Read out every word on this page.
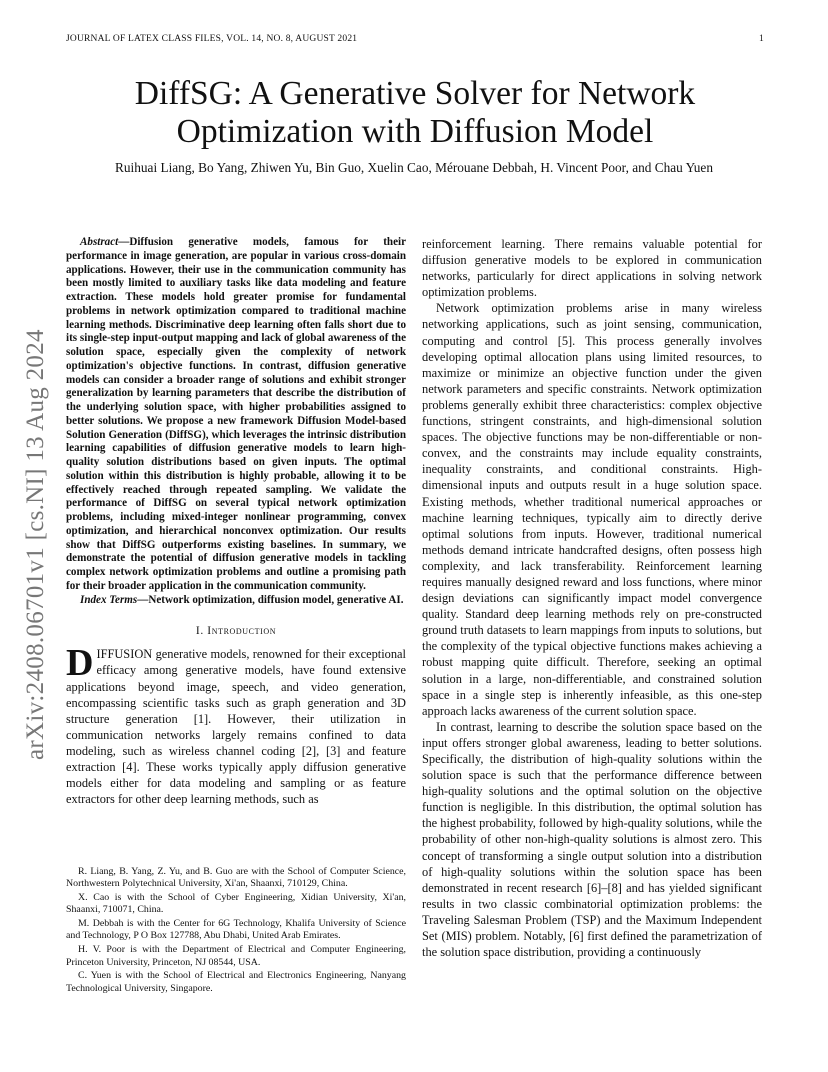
JOURNAL OF LATEX CLASS FILES, VOL. 14, NO. 8, AUGUST 2021	1
arXiv:2408.06701v1 [cs.NI] 13 Aug 2024
DiffSG: A Generative Solver for Network
Optimization with Diffusion Model
Ruihuai Liang, Bo Yang, Zhiwen Yu, Bin Guo, Xuelin Cao, Mérouane Debbah, H. Vincent Poor, and Chau Yuen

Abstract—Diffusion generative models, famous for their performance in image generation, are popular in various cross-domain applications. However, their use in the communication community has been mostly limited to auxiliary tasks like data modeling and feature extraction. These models hold greater promise for fundamental problems in network optimization compared to traditional machine learning methods. Discriminative deep learning often falls short due to its single-step input-output mapping and lack of global awareness of the solution space, especially given the complexity of network optimization's objective functions. In contrast, diffusion generative models can consider a broader range of solutions and exhibit stronger generalization by learning parameters that describe the distribution of the underlying solution space, with higher probabilities assigned to better solutions. We propose a new framework Diffusion Model-based Solution Generation (DiffSG), which leverages the intrinsic distribution learning capabilities of diffusion generative models to learn high-quality solution distributions based on given inputs. The optimal solution within this distribution is highly probable, allowing it to be effectively reached through repeated sampling. We validate the performance of DiffSG on several typical network optimization problems, including mixed-integer nonlinear programming, convex optimization, and hierarchical nonconvex optimization. Our results show that DiffSG outperforms existing baselines. In summary, we demonstrate the potential of diffusion generative models in tackling complex network optimization problems and outline a promising path for their broader application in the communication community.

Index Terms—Network optimization, diffusion model, generative AI.

I. Introduction

DIFFUSION generative models, renowned for their exceptional efficacy among generative models, have found extensive applications beyond image, speech, and video generation, encompassing scientific tasks such as graph generation and 3D structure generation [1]. However, their utilization in communication networks largely remains confined to data modeling, such as wireless channel coding [2], [3] and feature extraction [4]. These works typically apply diffusion generative models either for data modeling and sampling or as feature extractors for other deep learning methods, such as

R. Liang, B. Yang, Z. Yu, and B. Guo are with the School of Computer Science, Northwestern Polytechnical University, Xi'an, Shaanxi, 710129, China.

X. Cao is with the School of Cyber Engineering, Xidian University, Xi'an, Shaanxi, 710071, China.

M. Debbah is with the Center for 6G Technology, Khalifa University of Science and Technology, P O Box 127788, Abu Dhabi, United Arab Emirates.

H. V. Poor is with the Department of Electrical and Computer Engineering, Princeton University, Princeton, NJ 08544, USA.

C. Yuen is with the School of Electrical and Electronics Engineering, Nanyang Technological University, Singapore.

reinforcement learning. There remains valuable potential for diffusion generative models to be explored in communication networks, particularly for direct applications in solving network optimization problems.

Network optimization problems arise in many wireless networking applications, such as joint sensing, communication, computing and control [5]. This process generally involves developing optimal allocation plans using limited resources, to maximize or minimize an objective function under the given network parameters and specific constraints. Network optimization problems generally exhibit three characteristics: complex objective functions, stringent constraints, and high-dimensional solution spaces. The objective functions may be non-differentiable or non-convex, and the constraints may include equality constraints, inequality constraints, and conditional constraints. High-dimensional inputs and outputs result in a huge solution space. Existing methods, whether traditional numerical approaches or machine learning techniques, typically aim to directly derive optimal solutions from inputs. However, traditional numerical methods demand intricate handcrafted designs, often possess high complexity, and lack transferability. Reinforcement learning requires manually designed reward and loss functions, where minor design deviations can significantly impact model convergence quality. Standard deep learning methods rely on pre-constructed ground truth datasets to learn mappings from inputs to solutions, but the complexity of the typical objective functions makes achieving a robust mapping quite difficult. Therefore, seeking an optimal solution in a large, non-differentiable, and constrained solution space in a single step is inherently infeasible, as this one-step approach lacks awareness of the current solution space.

In contrast, learning to describe the solution space based on the input offers stronger global awareness, leading to better solutions. Specifically, the distribution of high-quality solutions within the solution space is such that the performance difference between high-quality solutions and the optimal solution on the objective function is negligible. In this distribution, the optimal solution has the highest probability, followed by high-quality solutions, while the probability of other non-high-quality solutions is almost zero. This concept of transforming a single output solution into a distribution of high-quality solutions within the solution space has been demonstrated in recent research [6]–[8] and has yielded significant results in two classic combinatorial optimization problems: the Traveling Salesman Problem (TSP) and the Maximum Independent Set (MIS) problem. Notably, [6] first defined the parametrization of the solution space distribution, providing a continuously
